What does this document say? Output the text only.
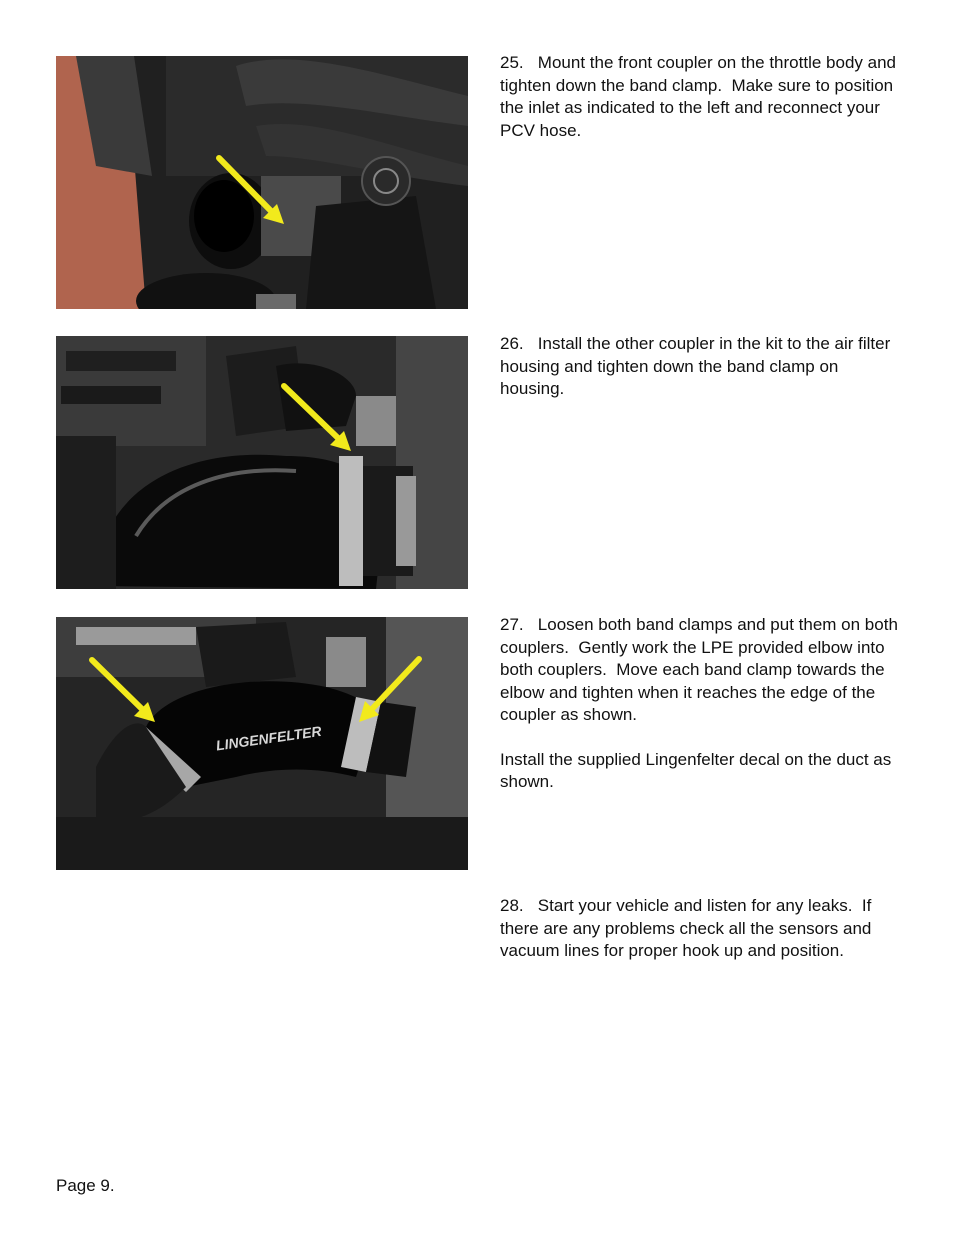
25.   Mount the front coupler on the throttle body and tighten down the band clamp.  Make sure to position the inlet as indicated to the left and reconnect your PCV hose.

26.   Install the other coupler in the kit to the air filter housing and tighten down the band clamp on housing.

LINGENFELTER

27.   Loosen both band clamps and put them on both couplers.  Gently work the LPE provided elbow into both couplers.  Move each band clamp towards the elbow and tighten when it reaches the edge of the coupler as shown.

Install the supplied Lingenfelter decal on the duct as shown.

28.   Start your vehicle and listen for any leaks.  If there are any problems check all the sensors and vacuum lines for proper hook up and position.

Page 9.
